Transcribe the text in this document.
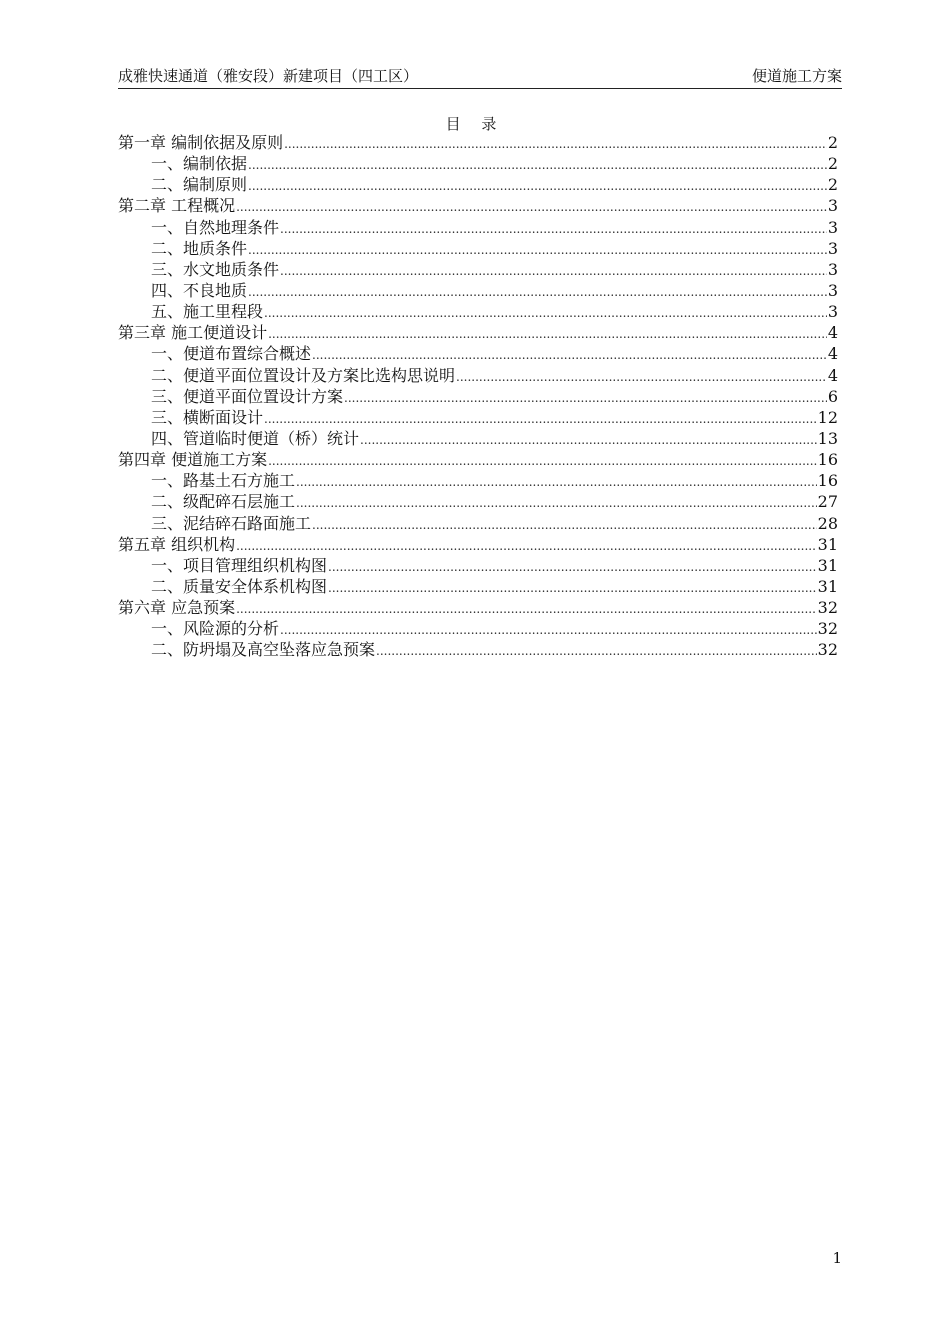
成雅快速通道（雅安段）新建项目（四工区）	便道施工方案
目 录
第一章 编制依据及原则 .....	2
一、编制依据 .....	2
二、编制原则 .....	2
第二章 工程概况 .....	3
一、自然地理条件 .....	3
二、地质条件 .....	3
三、水文地质条件 .....	3
四、不良地质 .....	3
五、施工里程段 .....	3
第三章 施工便道设计 .....	4
一、便道布置综合概述 .....	4
二、便道平面位置设计及方案比选构思说明 .....	4
三、便道平面位置设计方案 .....	6
三、横断面设计 .....	12
四、管道临时便道（桥）统计 .....	13
第四章 便道施工方案 .....	16
一、路基土石方施工 .....	16
二、级配碎石层施工 .....	27
三、泥结碎石路面施工 .....	28
第五章 组织机构 .....	31
一、项目管理组织机构图 .....	31
二、质量安全体系机构图 .....	31
第六章 应急预案 .....	32
一、风险源的分析 .....	32
二、防坍塌及高空坠落应急预案 .....	32
1
